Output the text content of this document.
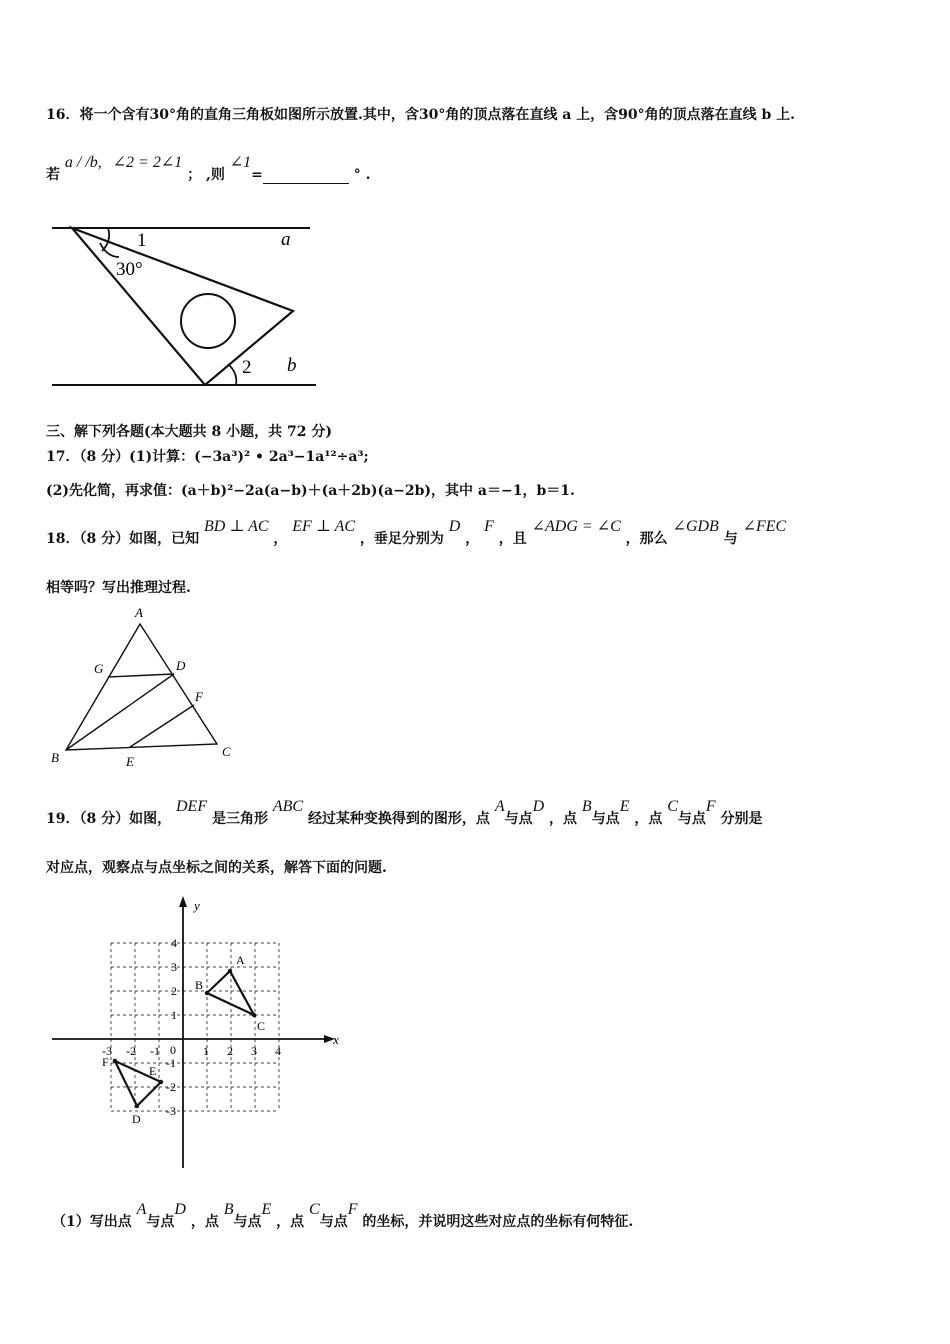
16．将一个含有30°角的直角三角板如图所示放置.其中，含30°角的顶点落在直线 a 上，含90°角的顶点落在直线 b 上.
若 a / /b, ∠2 = 2∠1 ； ,则 ∠1=	° .
1
30°
a
2 b
三、解下列各题(本大题共 8 小题，共 72 分)
17．（8 分）(1)计算：(−3a³)² • 2a³−1a¹²÷a³;
(2)先化简，再求值：(a＋b)²−2a(a−b)＋(a＋2b)(a−2b)，其中 a＝−1，b＝1.
18．（8 分）如图，已知 BD ⊥ AC ， EF ⊥ AC ，垂足分别为 D ， F ，且 ∠ADG = ∠C ，那么 ∠GDB 与 ∠FEC
相等吗？写出推理过程.
A
G	D
F
B	E
C
19．（8 分）如图， DEF 是三角形 ABC 经过某种变换得到的图形，点 A与点D ，点 B与点E ，点 C与点F 分别是
对应点，观察点与点坐标之间的关系，解答下面的问题.
y
x
0
-3 -2 -1	1 2 3 4
4
3
2
1
-1
-2
-3
A
B
C
D
E
F
（1）写出点 A与点D ，点 B与点E ，点 C与点F 的坐标，并说明这些对应点的坐标有何特征.
